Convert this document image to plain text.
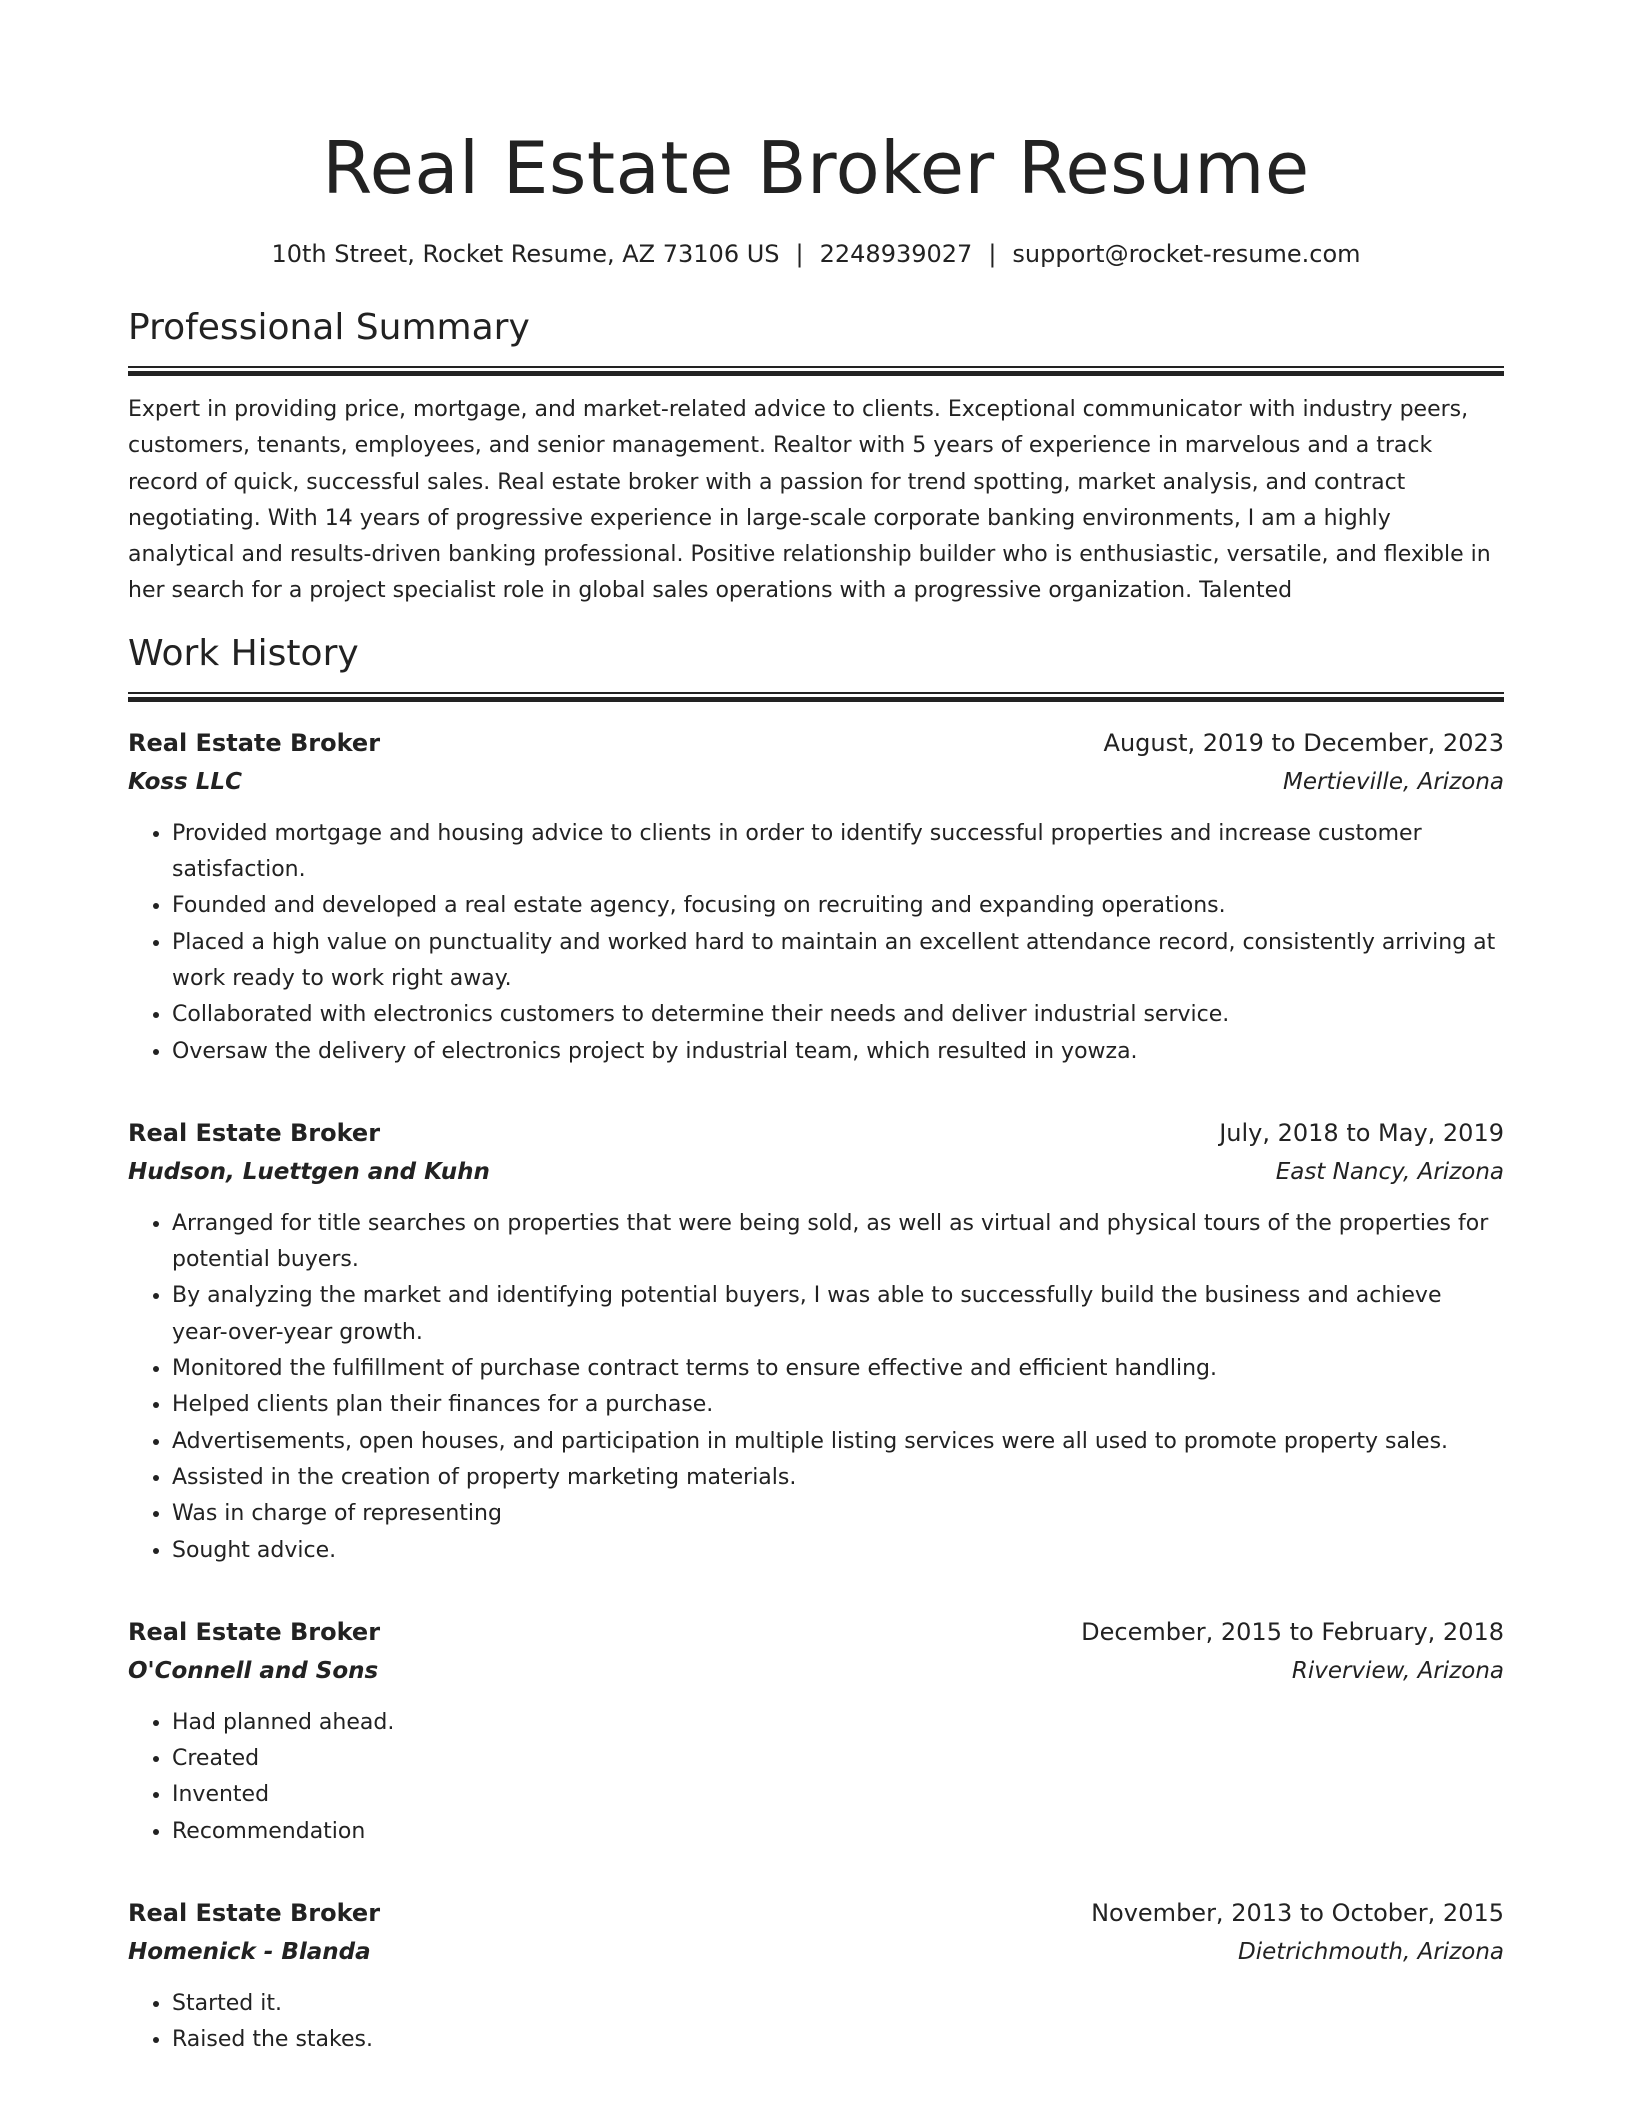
Real Estate Broker Resume
10th Street, Rocket Resume, AZ 73106 US | 2248939027 | support@rocket-resume.com
Professional Summary

Expert in providing price, mortgage, and market-related advice to clients. Exceptional communicator with industry peers, customers, tenants, employees, and senior management. Realtor with 5 years of experience in marvelous and a track record of quick, successful sales. Real estate broker with a passion for trend spotting, market analysis, and contract negotiating. With 14 years of progressive experience in large-scale corporate banking environments, I am a highly analytical and results-driven banking professional. Positive relationship builder who is enthusiastic, versatile, and flexible in her search for a project specialist role in global sales operations with a progressive organization. Talented

Work History
Real Estate Broker	August, 2019 to December, 2023
Koss LLC	Mertieville, Arizona
• Provided mortgage and housing advice to clients in order to identify successful properties and increase customer satisfaction.
• Founded and developed a real estate agency, focusing on recruiting and expanding operations.
• Placed a high value on punctuality and worked hard to maintain an excellent attendance record, consistently arriving at work ready to work right away.
• Collaborated with electronics customers to determine their needs and deliver industrial service.
• Oversaw the delivery of electronics project by industrial team, which resulted in yowza.
Real Estate Broker	July, 2018 to May, 2019
Hudson, Luettgen and Kuhn	East Nancy, Arizona
• Arranged for title searches on properties that were being sold, as well as virtual and physical tours of the properties for potential buyers.
• By analyzing the market and identifying potential buyers, I was able to successfully build the business and achieve year-over-year growth.
• Monitored the fulfillment of purchase contract terms to ensure effective and efficient handling.
• Helped clients plan their finances for a purchase.
• Advertisements, open houses, and participation in multiple listing services were all used to promote property sales.
• Assisted in the creation of property marketing materials.
• Was in charge of representing
• Sought advice.
Real Estate Broker	December, 2015 to February, 2018
O'Connell and Sons	Riverview, Arizona
• Had planned ahead.
• Created
• Invented
• Recommendation
Real Estate Broker	November, 2013 to October, 2015
Homenick - Blanda	Dietrichmouth, Arizona
• Started it.
• Raised the stakes.
